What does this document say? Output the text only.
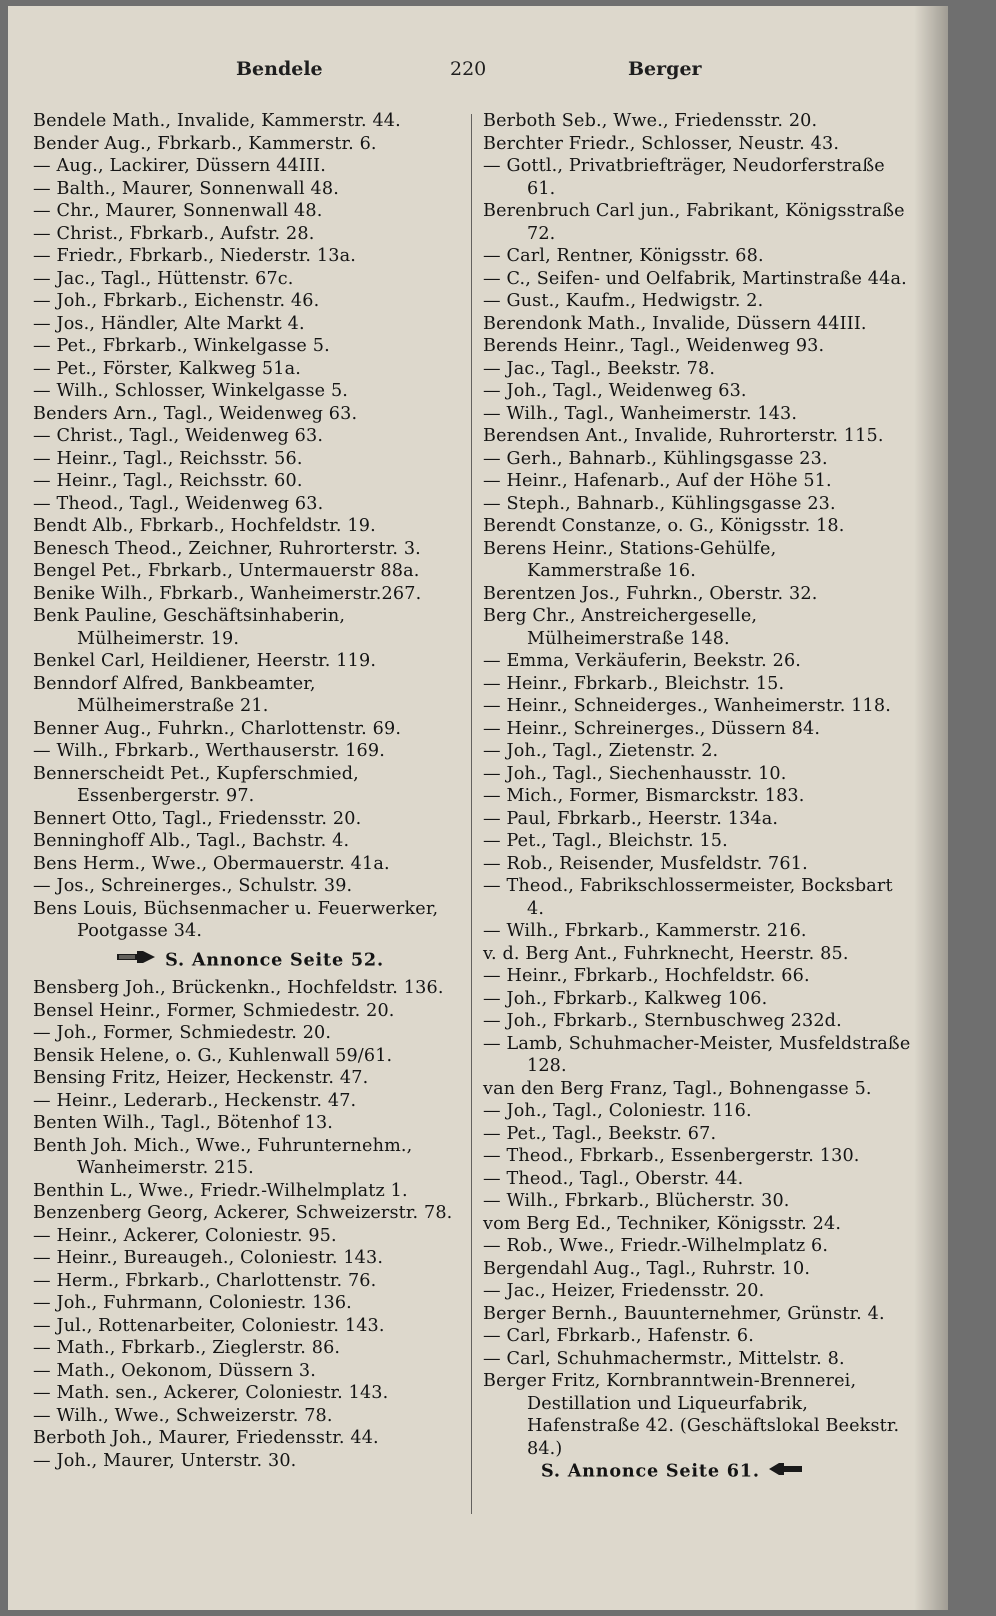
Bendele	220	Berger

Bendele Math., Invalide, Kammerstr. 44.

Bender Aug., Fbrkarb., Kammerstr. 6.

— Aug., Lackirer, Düssern 44III.

— Balth., Maurer, Sonnenwall 48.

— Chr., Maurer, Sonnenwall 48.

— Christ., Fbrkarb., Aufstr. 28.

— Friedr., Fbrkarb., Niederstr. 13a.

— Jac., Tagl., Hüttenstr. 67c.

— Joh., Fbrkarb., Eichenstr. 46.

— Jos., Händler, Alte Markt 4.

— Pet., Fbrkarb., Winkelgasse 5.

— Pet., Förster, Kalkweg 51a.

— Wilh., Schlosser, Winkelgasse 5.

Benders Arn., Tagl., Weidenweg 63.

— Christ., Tagl., Weidenweg 63.

— Heinr., Tagl., Reichsstr. 56.

— Heinr., Tagl., Reichsstr. 60.

— Theod., Tagl., Weidenweg 63.

Bendt Alb., Fbrkarb., Hochfeldstr. 19.

Benesch Theod., Zeichner, Ruhrorterstr. 3.

Bengel Pet., Fbrkarb., Untermauerstr 88a.

Benike Wilh., Fbrkarb., Wanheimerstr.267.

Benk Pauline, Geschäftsinhaberin, Mülheimerstr. 19.

Benkel Carl, Heildiener, Heerstr. 119.

Benndorf Alfred, Bankbeamter, Mülheimerstraße 21.

Benner Aug., Fuhrkn., Charlottenstr. 69.

— Wilh., Fbrkarb., Werthauserstr. 169.

Bennerscheidt Pet., Kupferschmied, Essenbergerstr. 97.

Bennert Otto, Tagl., Friedensstr. 20.

Benninghoff Alb., Tagl., Bachstr. 4.

Bens Herm., Wwe., Obermauerstr. 41a.

— Jos., Schreinerges., Schulstr. 39.

Bens Louis, Büchsenmacher u. Feuerwerker, Pootgasse 34.

S. Annonce Seite 52.

Bensberg Joh., Brückenkn., Hochfeldstr. 136.

Bensel Heinr., Former, Schmiedestr. 20.

— Joh., Former, Schmiedestr. 20.

Bensik Helene, o. G., Kuhlenwall 59/61.

Bensing Fritz, Heizer, Heckenstr. 47.

— Heinr., Lederarb., Heckenstr. 47.

Benten Wilh., Tagl., Bötenhof 13.

Benth Joh. Mich., Wwe., Fuhrunternehm., Wanheimerstr. 215.

Benthin L., Wwe., Friedr.-Wilhelmplatz 1.

Benzenberg Georg, Ackerer, Schweizerstr. 78.

— Heinr., Ackerer, Coloniestr. 95.

— Heinr., Bureaugeh., Coloniestr. 143.

— Herm., Fbrkarb., Charlottenstr. 76.

— Joh., Fuhrmann, Coloniestr. 136.

— Jul., Rottenarbeiter, Coloniestr. 143.

— Math., Fbrkarb., Zieglerstr. 86.

— Math., Oekonom, Düssern 3.

— Math. sen., Ackerer, Coloniestr. 143.

— Wilh., Wwe., Schweizerstr. 78.

Berboth Joh., Maurer, Friedensstr. 44.

— Joh., Maurer, Unterstr. 30.

Berboth Seb., Wwe., Friedensstr. 20.

Berchter Friedr., Schlosser, Neustr. 43.

— Gottl., Privatbriefträger, Neudorferstraße 61.

Berenbruch Carl jun., Fabrikant, Königsstraße 72.

— Carl, Rentner, Königsstr. 68.

— C., Seifen- und Oelfabrik, Martinstraße 44a.

— Gust., Kaufm., Hedwigstr. 2.

Berendonk Math., Invalide, Düssern 44III.

Berends Heinr., Tagl., Weidenweg 93.

— Jac., Tagl., Beekstr. 78.

— Joh., Tagl., Weidenweg 63.

— Wilh., Tagl., Wanheimerstr. 143.

Berendsen Ant., Invalide, Ruhrorterstr. 115.

— Gerh., Bahnarb., Kühlingsgasse 23.

— Heinr., Hafenarb., Auf der Höhe 51.

— Steph., Bahnarb., Kühlingsgasse 23.

Berendt Constanze, o. G., Königsstr. 18.

Berens Heinr., Stations-Gehülfe, Kammerstraße 16.

Berentzen Jos., Fuhrkn., Oberstr. 32.

Berg Chr., Anstreichergeselle, Mülheimerstraße 148.

— Emma, Verkäuferin, Beekstr. 26.

— Heinr., Fbrkarb., Bleichstr. 15.

— Heinr., Schneiderges., Wanheimerstr. 118.

— Heinr., Schreinerges., Düssern 84.

— Joh., Tagl., Zietenstr. 2.

— Joh., Tagl., Siechenhausstr. 10.

— Mich., Former, Bismarckstr. 183.

— Paul, Fbrkarb., Heerstr. 134a.

— Pet., Tagl., Bleichstr. 15.

— Rob., Reisender, Musfeldstr. 761.

— Theod., Fabrikschlossermeister, Bocksbart 4.

— Wilh., Fbrkarb., Kammerstr. 216.

v. d. Berg Ant., Fuhrknecht, Heerstr. 85.

— Heinr., Fbrkarb., Hochfeldstr. 66.

— Joh., Fbrkarb., Kalkweg 106.

— Joh., Fbrkarb., Sternbuschweg 232d.

— Lamb, Schuhmacher-Meister, Musfeldstraße 128.

van den Berg Franz, Tagl., Bohnengasse 5.

— Joh., Tagl., Coloniestr. 116.

— Pet., Tagl., Beekstr. 67.

— Theod., Fbrkarb., Essenbergerstr. 130.

— Theod., Tagl., Oberstr. 44.

— Wilh., Fbrkarb., Blücherstr. 30.

vom Berg Ed., Techniker, Königsstr. 24.

— Rob., Wwe., Friedr.-Wilhelmplatz 6.

Bergendahl Aug., Tagl., Ruhrstr. 10.

— Jac., Heizer, Friedensstr. 20.

Berger Bernh., Bauunternehmer, Grünstr. 4.

— Carl, Fbrkarb., Hafenstr. 6.

— Carl, Schuhmachermstr., Mittelstr. 8.

Berger Fritz, Kornbranntwein-Brennerei, Destillation und Liqueurfabrik, Hafenstraße 42. (Geschäftslokal Beekstr. 84.)

S. Annonce Seite 61.
